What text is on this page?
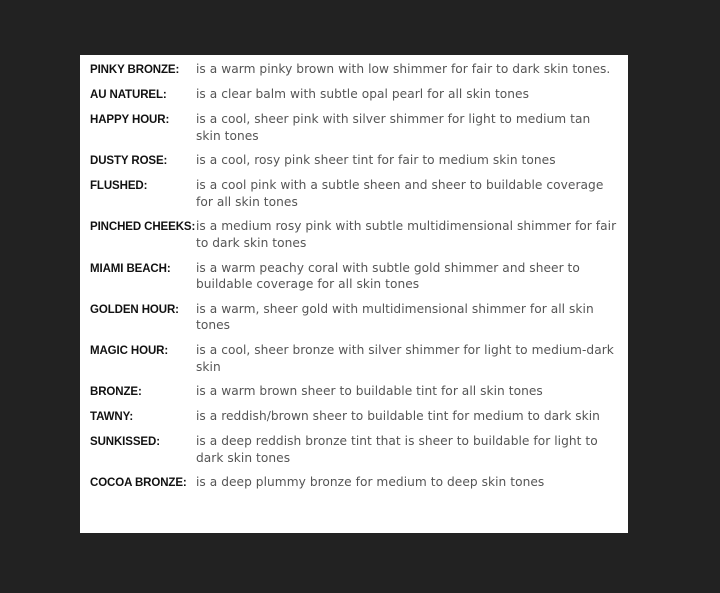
PINKY BRONZE:	is a warm pinky brown with low shimmer for fair to dark skin tones.
AU NATUREL:	is a clear balm with subtle opal pearl for all skin tones
HAPPY HOUR:	is a cool, sheer pink with silver shimmer for light to medium tan skin tones
DUSTY ROSE:	is a cool, rosy pink sheer tint for fair to medium skin tones
FLUSHED:	is a cool pink with a subtle sheen and sheer to buildable coverage for all skin tones
PINCHED CHEEKS: is a medium rosy pink with subtle multidimensional shimmer for fair to dark skin tones
MIAMI BEACH:	is a warm peachy coral with subtle gold shimmer and sheer to buildable coverage for all skin tones
GOLDEN HOUR:	is a warm, sheer gold with multidimensional shimmer for all skin tones
MAGIC HOUR:	is a cool, sheer bronze with silver shimmer for light to medium-dark skin
BRONZE:	is a warm brown sheer to buildable tint for all skin tones
TAWNY:	is a reddish/brown sheer to buildable tint for medium to dark skin
SUNKISSED:	is a deep reddish bronze tint that is sheer to buildable for light to dark skin tones
COCOA BRONZE: is a deep plummy bronze for medium to deep skin tones
